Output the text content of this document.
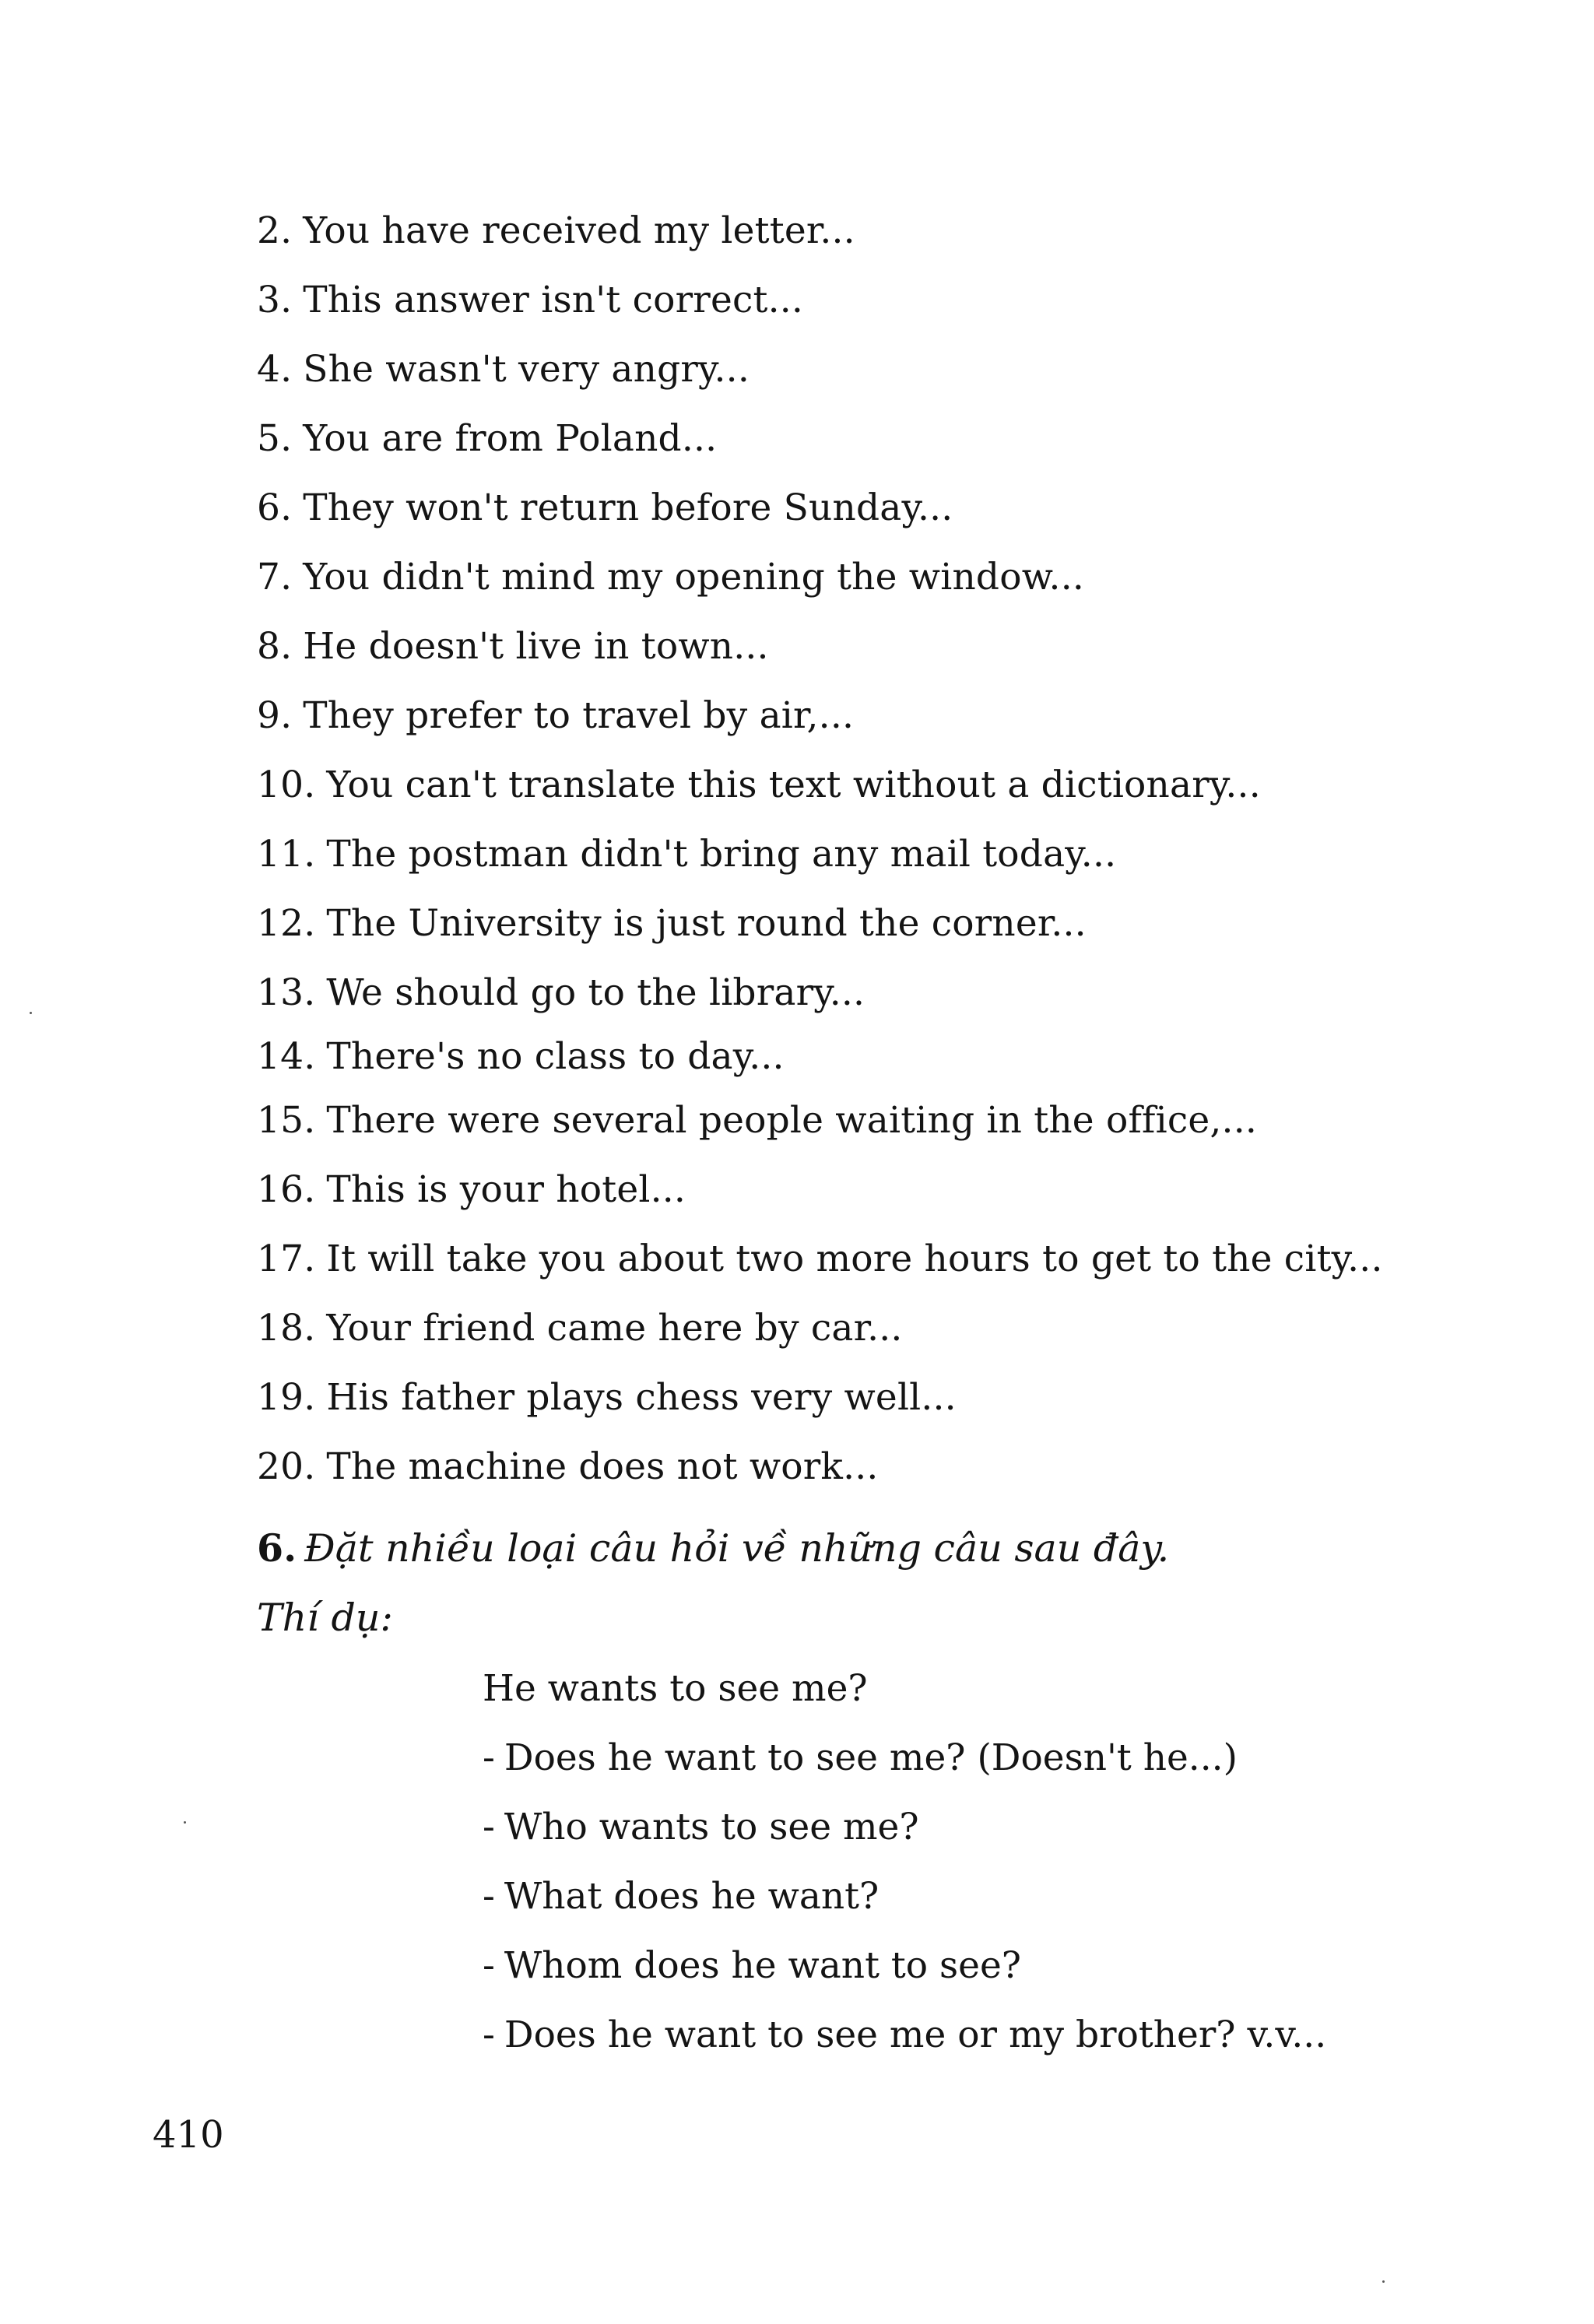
2. You have received my letter...
3. This answer isn't correct...
4. She wasn't very angry...
5. You are from Poland...
6. They won't return before Sunday...
7. You didn't mind my opening the window...
8. He doesn't live in town...
9. They prefer to travel by air,...
10. You can't translate this text without a dictionary...
11. The postman didn't bring any mail today...
12. The University is just round the corner...
13. We should go to the library...
14. There's no class to day...
15. There were several people waiting in the office,...
16. This is your hotel...
17. It will take you about two more hours to get to the city...
18. Your friend came here by car...
19. His father plays chess very well...
20. The machine does not work...
6. Đặt nhiều loại câu hỏi về những câu sau đây.
Thí dụ:
He wants to see me?
- Does he want to see me? (Doesn't he...)
- Who wants to see me?
- What does he want?
- Whom does he want to see?
- Does he want to see me or my brother? v.v...
410
